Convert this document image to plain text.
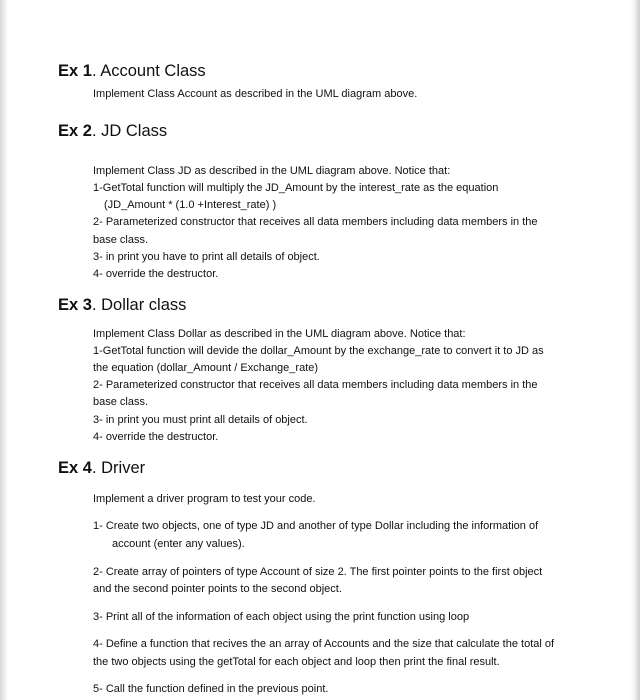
Ex 1. Account Class
Implement Class Account as described in the UML diagram above.
Ex 2. JD Class
Implement Class JD as described in the UML diagram above. Notice that:
1-GetTotal function will multiply the JD_Amount by the interest_rate as the equation
(JD_Amount * (1.0 +Interest_rate) )
2- Parameterized constructor that receives all data members including data members in the
base class.
3- in print you have to print all details of object.
4- override the destructor.
Ex 3. Dollar class
Implement Class Dollar as described in the UML diagram above. Notice that:
1-GetTotal function will devide the dollar_Amount by the exchange_rate to convert it to JD as
the equation (dollar_Amount / Exchange_rate)
2- Parameterized constructor that receives all data members including data members in the
base class.
3- in print you must print all details of object.
4- override the destructor.
Ex 4. Driver
Implement a driver program to test your code.
1- Create two objects, one of type JD and another of type Dollar including the information of
account (enter any values).
2- Create array of pointers of type Account of size 2. The first pointer points to the first object
and the second pointer points to the second object.
3- Print all of the information of each object using the print function using loop
4- Define a function that recives the an array of Accounts and the size that calculate the total of
the two objects using the getTotal for each object and loop then print the final result.
5- Call the function defined in the previous point.
